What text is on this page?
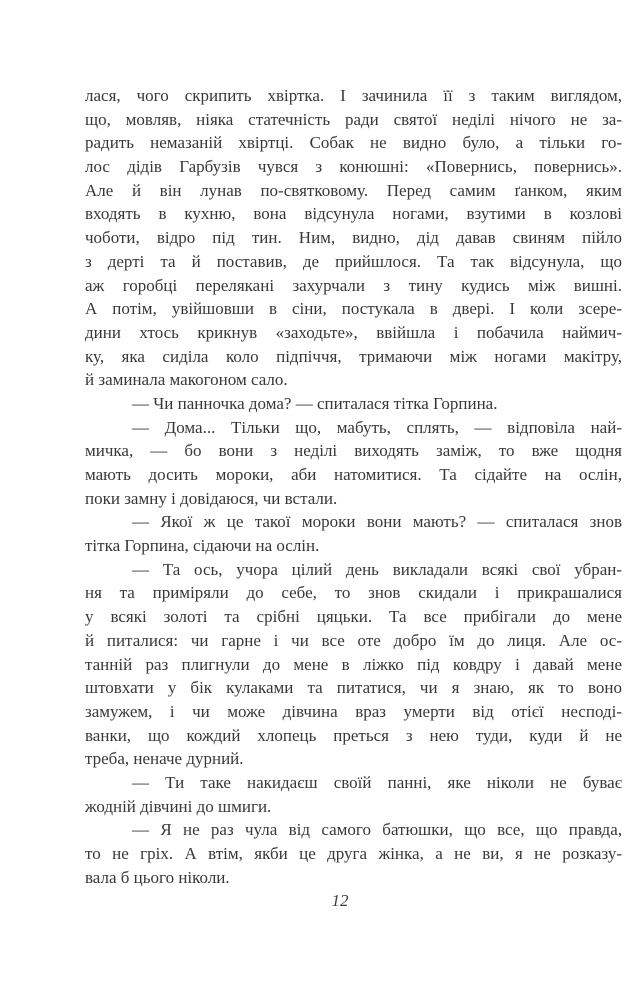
лася, чого скрипить хвіртка. І зачинила її з таким виглядом,
що, мовляв, ніяка статечність ради святої неділі нічого не за-
радить немазаній хвіртці. Собак не видно було, а тільки го-
лос дідів Гарбузів чувся з конюшні: «Повернись, повернись».
Але й він лунав по-святковому. Перед самим ґанком, яким
входять в кухню, вона відсунула ногами, взутими в козлові
чоботи, відро під тин. Ним, видно, дід давав свиням пійло
з дерті та й поставив, де прийшлося. Та так відсунула, що
аж горобці перелякані захурчали з тину кудись між вишні.
А потім, увійшовши в сіни, постукала в двері. І коли зсере-
дини хтось крикнув «заходьте», ввійшла і побачила наймич-
ку, яка сиділа коло підпіччя, тримаючи між ногами макітру,
й заминала макогоном сало.
— Чи панночка дома? — спиталася тітка Горпина.
— Дома... Тільки що, мабуть, сплять, — відповіла най-
мичка, — бо вони з неділі виходять заміж, то вже щодня
мають досить мороки, аби натомитися. Та сідайте на ослін,
поки замну і довідаюся, чи встали.
— Якої ж це такої мороки вони мають? — спиталася знов
тітка Горпина, сідаючи на ослін.
— Та ось, учора цілий день викладали всякі свої убран-
ня та приміряли до себе, то знов скидали і прикрашалися
у всякі золоті та срібні цяцьки. Та все прибігали до мене
й питалися: чи гарне і чи все оте добро їм до лиця. Але ос-
танній раз плигнули до мене в ліжко під ковдру і давай мене
штовхати у бік кулаками та питатися, чи я знаю, як то воно
замужем, і чи може дівчина враз умерти від отієї несподі-
ванки, що кождий хлопець преться з нею туди, куди й не
треба, неначе дурний.
— Ти таке накидаєш своїй панні, яке ніколи не буває
жодній дівчині до шмиги.
— Я не раз чула від самого батюшки, що все, що правда,
то не гріх. А втім, якби це друга жінка, а не ви, я не розказу-
вала б цього ніколи.
12
